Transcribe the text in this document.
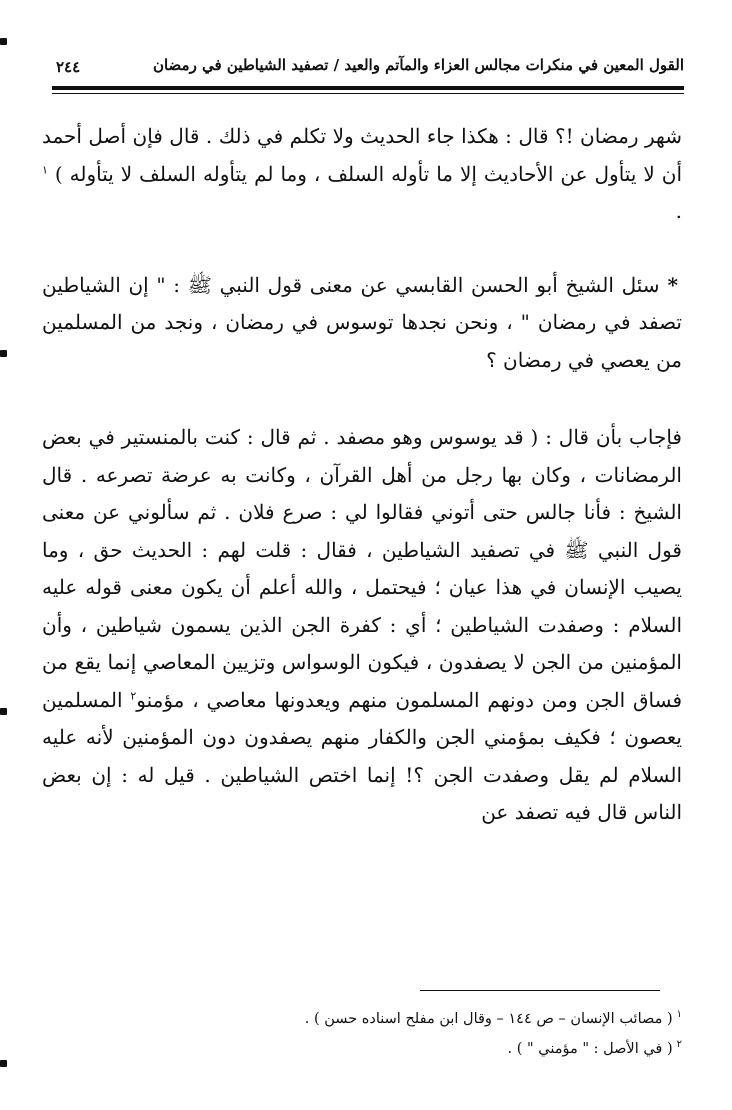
القول المعين في منكرات مجالس العزاء والمآتم والعيد / تصفيد الشياطين في رمضان
٢٤٤

شهر رمضان !؟ قال : هكذا جاء الحديث ولا تكلم في ذلك . قال فإن أصل أحمد أن لا يتأول عن الأحاديث إلا ما تأوله السلف ، وما لم يتأوله السلف لا يتأوله ) $^١$ .

*سئل الشيخ أبو الحسن القابسي عن معنى قول النبي ﷺ : " إن الشياطين تصفد في رمضان " ، ونحن نجدها توسوس في رمضان ، ونجد من المسلمين من يعصي في رمضان ؟

فإجاب بأن قال : ( قد يوسوس وهو مصفد . ثم قال : كنت بالمنستير في بعض الرمضانات ، وكان بها رجل من أهل القرآن ، وكانت به عرضة تصرعه . قال الشيخ : فأنا جالس حتى أتوني فقالوا لي : صرع فلان . ثم سألوني عن معنى قول النبي ﷺ في تصفيد الشياطين ، فقال : قلت لهم : الحديث حق ، وما يصيب الإنسان في هذا عيان ؛ فيحتمل ، والله أعلم أن يكون معنى قوله عليه السلام : وصفدت الشياطين ؛ أي : كفرة الجن الذين يسمون شياطين ، وأن المؤمنين من الجن لا يصفدون ، فيكون الوسواس وتزيين المعاصي إنما يقع من فساق الجن ومن دونهم المسلمون منهم ويعدونها معاصي ، مؤمنو$^٢$ المسلمين يعصون ؛ فكيف بمؤمني الجن والكفار منهم يصفدون دون المؤمنين لأنه عليه السلام لم يقل وصفدت الجن ؟! إنما اختص الشياطين . قيل له : إن بعض الناس قال فيه تصفد عن

$^١$( مصائب الإنسان – ص ١٤٤ – وقال ابن مفلح اسناده حسن ) .

$^٢$( في الأصل : " مؤمني " ) .
